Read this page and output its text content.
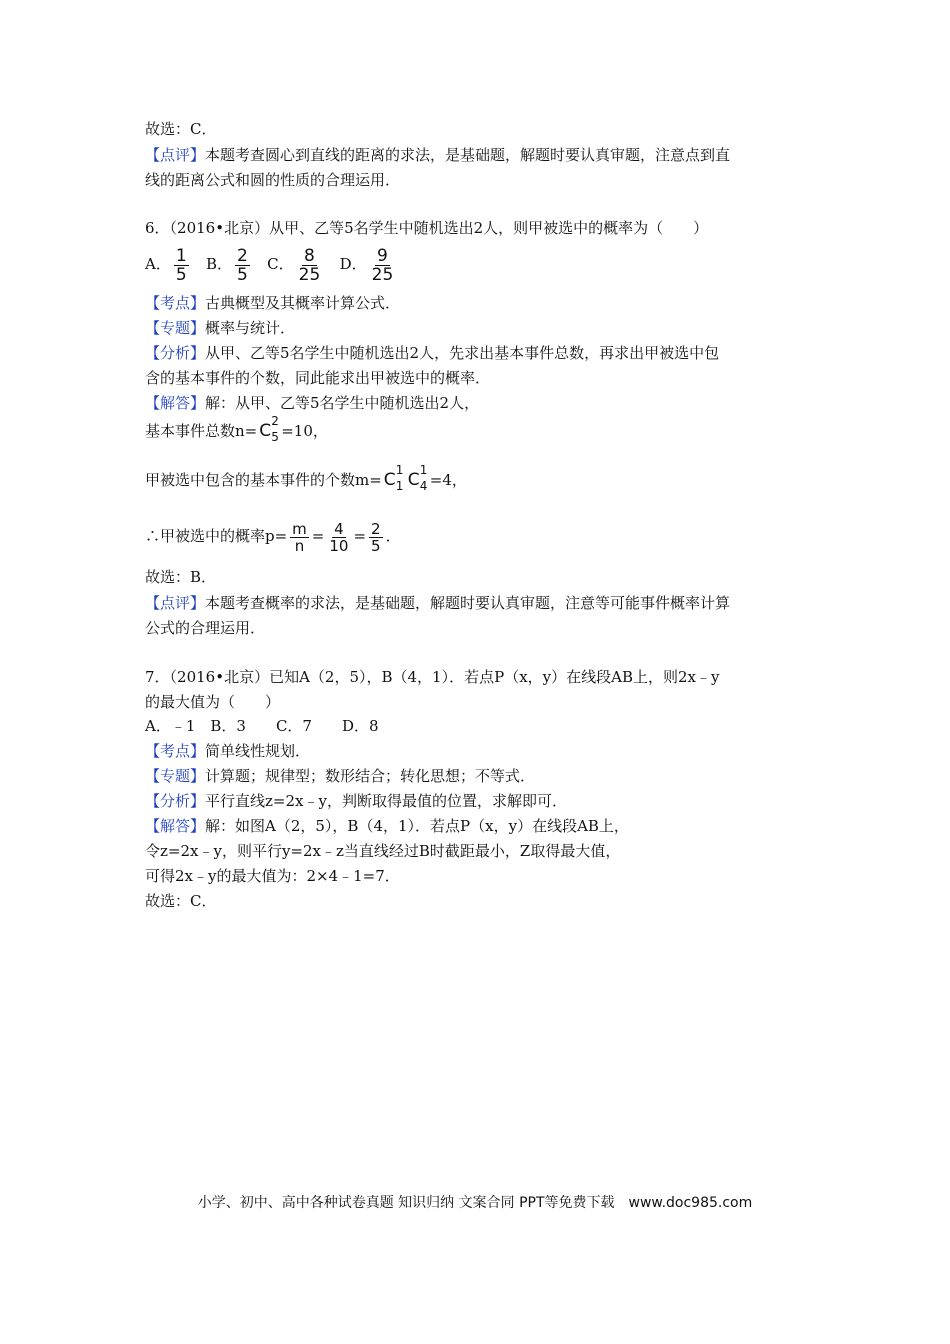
故选：C．
【点评】本题考查圆心到直线的距离的求法，是基础题，解题时要认真审题，注意点到直
线的距离公式和圆的性质的合理运用．
6．（2016•北京）从甲、乙等5名学生中随机选出2人，则甲被选中的概率为（　　）
A． $\frac{1}{5}$ B． $\frac{2}{5}$ C． $\frac{8}{25}$ D． $\frac{9}{25}$
【考点】古典概型及其概率计算公式．
【专题】概率与统计．
【分析】从甲、乙等5名学生中随机选出2人，先求出基本事件总数，再求出甲被选中包
含的基本事件的个数，同此能求出甲被选中的概率．
【解答】解：从甲、乙等5名学生中随机选出2人，
基本事件总数n= C 2
5 =10，
甲被选中包含的基本事件的个数m= C 1
1 C 1
4 =4，
∴甲被选中的概率$p= \frac{m}{n} = \frac{4}{10} = \frac{2}{5}$ ．
故选：B．
【点评】本题考查概率的求法，是基础题，解题时要认真审题，注意等可能事件概率计算
公式的合理运用．
7．（2016•北京）已知A（2，5），B（4，1）．若点P（x，y）在线段AB上，则2x﹣y
的最大值为（　　）
A．﹣1　B．3　　C．7　　D．8
【考点】简单线性规划．
【专题】计算题；规律型；数形结合；转化思想；不等式．
【分析】平行直线z=2x﹣y，判断取得最值的位置，求解即可．
【解答】解：如图A（2，5），B（4，1）．若点P（x，y）在线段AB上，
令z=2x﹣y，则平行y=2x﹣z当直线经过B时截距最小，Z取得最大值，
可得2x﹣y的最大值为：2×4﹣1=7．
故选：C．
小学、初中、高中各种试卷真题 知识归纳 文案合同 PPT等免费下载　www.doc985.com
